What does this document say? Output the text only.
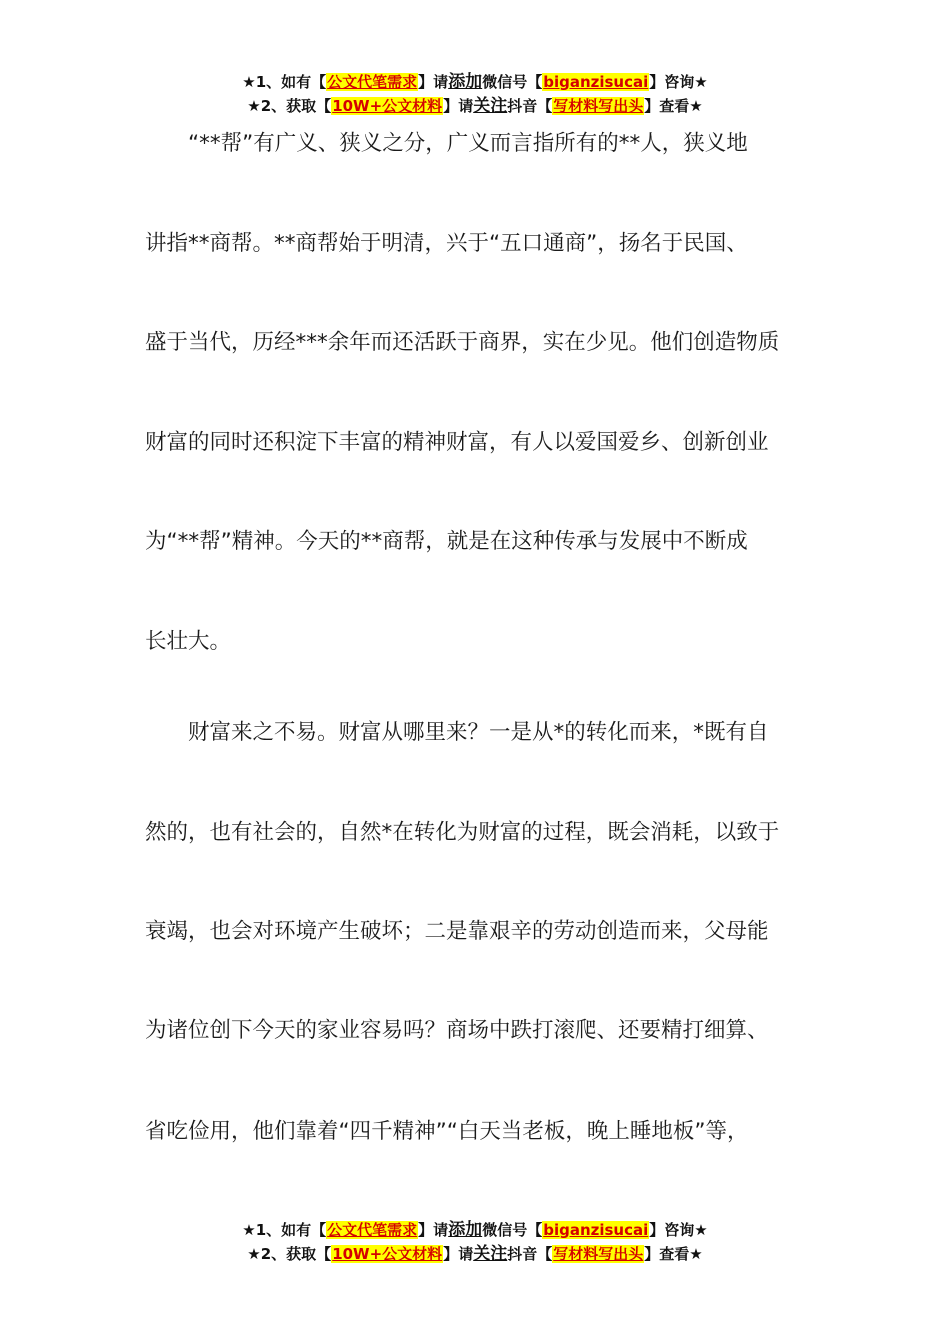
★1、如有【公文代笔需求】请添加微信号【biganzisucai】咨询★
★2、获取【10W+公文材料】请关注抖音【写材料写出头】查看★
　　“**帮”有广义、狭义之分，广义而言指所有的**人，狭义地
讲指**商帮。**商帮始于明清，兴于“五口通商”，扬名于民国、
盛于当代，历经***余年而还活跃于商界，实在少见。他们创造物质
财富的同时还积淀下丰富的精神财富，有人以爱国爱乡、创新创业
为“**帮”精神。今天的**商帮，就是在这种传承与发展中不断成
长壮大。
　　财富来之不易。财富从哪里来？一是从*的转化而来，*既有自
然的，也有社会的，自然*在转化为财富的过程，既会消耗，以致于
衰竭，也会对环境产生破坏；二是靠艰辛的劳动创造而来，父母能
为诸位创下今天的家业容易吗？商场中跌打滚爬、还要精打细算、
省吃俭用，他们靠着“四千精神”“白天当老板，晚上睡地板”等，
★1、如有【公文代笔需求】请添加微信号【biganzisucai】咨询★
★2、获取【10W+公文材料】请关注抖音【写材料写出头】查看★
